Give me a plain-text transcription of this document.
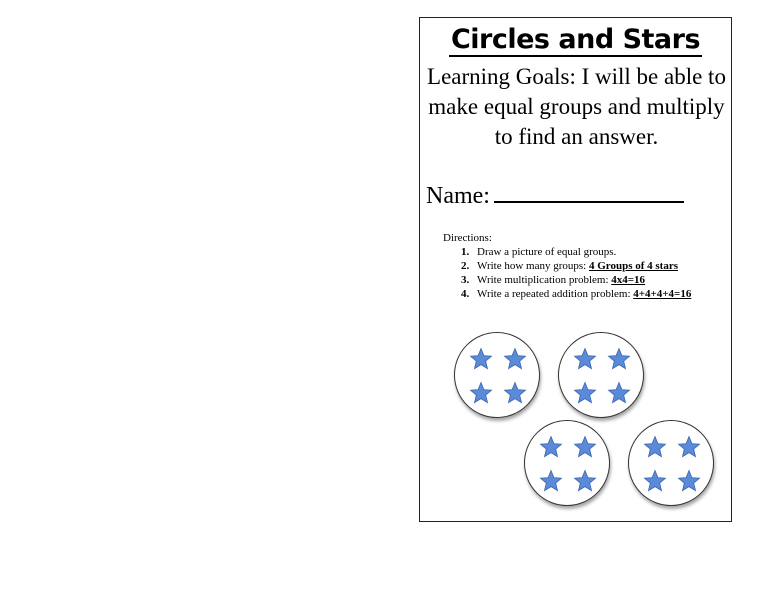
Circles and Stars
Learning Goals: I will be able to make equal groups and multiply to find an answer.
Name:
Directions:
1. Draw a picture of equal groups.
2. Write how many groups: 4 Groups of 4 stars
3. Write multiplication problem: 4x4=16
4. Write a repeated addition problem: 4+4+4+4=16
